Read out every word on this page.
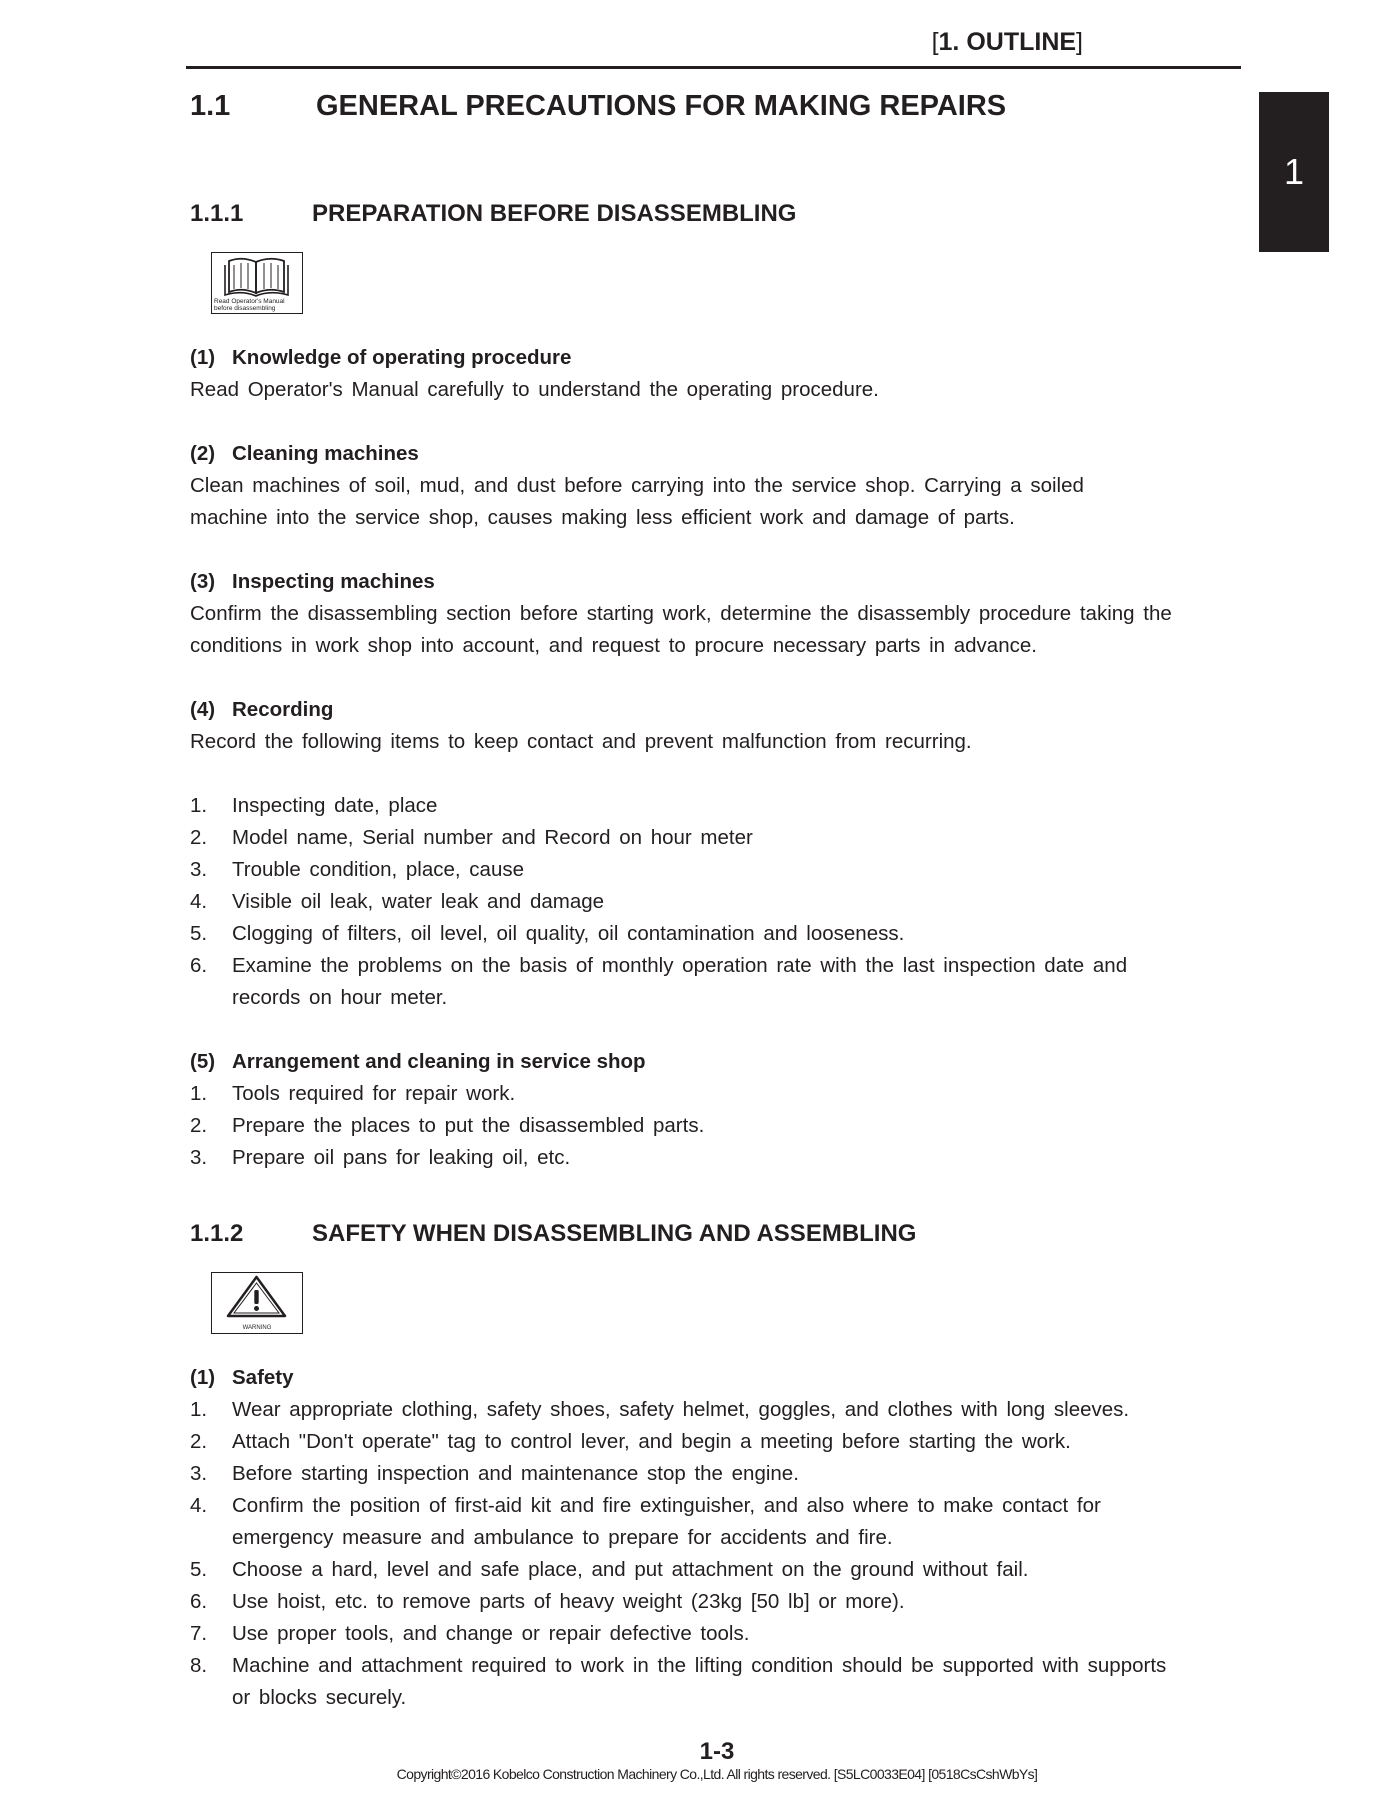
[1. OUTLINE]
1
1.1	GENERAL PRECAUTIONS FOR MAKING REPAIRS
1.1.1	PREPARATION BEFORE DISASSEMBLING
Read Operator's Manual before disassembling

(1) Knowledge of operating procedure

Read Operator's Manual carefully to understand the operating procedure.

(2) Cleaning machines

Clean machines of soil, mud, and dust before carrying into the service shop. Carrying a soiled machine into the service shop, causes making less efficient work and damage of parts.

(3) Inspecting machines

Confirm the disassembling section before starting work, determine the disassembly procedure taking the conditions in work shop into account, and request to procure necessary parts in advance.

(4) Recording

Record the following items to keep contact and prevent malfunction from recurring.

1. Inspecting date, place
2. Model name, Serial number and Record on hour meter
3. Trouble condition, place, cause
4. Visible oil leak, water leak and damage
5. Clogging of filters, oil level, oil quality, oil contamination and looseness.
6. Examine the problems on the basis of monthly operation rate with the last inspection date and records on hour meter.

(5) Arrangement and cleaning in service shop

1. Tools required for repair work.
2. Prepare the places to put the disassembled parts.
3. Prepare oil pans for leaking oil, etc.
1.1.2	SAFETY WHEN DISASSEMBLING AND ASSEMBLING
WARNING

(1) Safety

1. Wear appropriate clothing, safety shoes, safety helmet, goggles, and clothes with long sleeves.
2. Attach "Don't operate" tag to control lever, and begin a meeting before starting the work.
3. Before starting inspection and maintenance stop the engine.
4. Confirm the position of first-aid kit and fire extinguisher, and also where to make contact for emergency measure and ambulance to prepare for accidents and fire.
5. Choose a hard, level and safe place, and put attachment on the ground without fail.
6. Use hoist, etc. to remove parts of heavy weight (23kg [50 lb] or more).
7. Use proper tools, and change or repair defective tools.
8. Machine and attachment required to work in the lifting condition should be supported with supports or blocks securely.
1-3
Copyright©2016 Kobelco Construction Machinery Co.,Ltd. All rights reserved. [S5LC0033E04] [0518CsCshWbYs]
